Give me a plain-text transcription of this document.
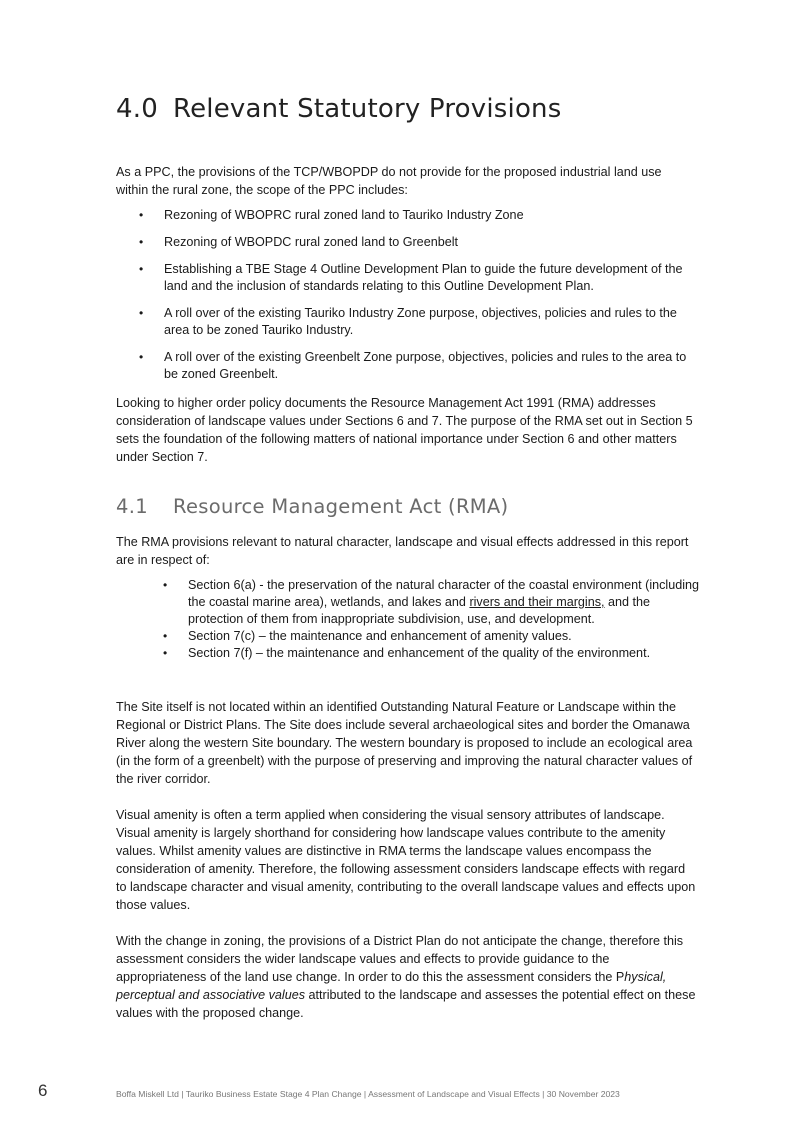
4.0 Relevant Statutory Provisions

As a PPC, the provisions of the TCP/WBOPDP do not provide for the proposed industrial land use within the rural zone, the scope of the PPC includes:

• Rezoning of WBOPRC rural zoned land to Tauriko Industry Zone
• Rezoning of WBOPDC rural zoned land to Greenbelt
• Establishing a TBE Stage 4 Outline Development Plan to guide the future development of the land and the inclusion of standards relating to this Outline Development Plan.
• A roll over of the existing Tauriko Industry Zone purpose, objectives, policies and rules to the area to be zoned Tauriko Industry.
• A roll over of the existing Greenbelt Zone purpose, objectives, policies and rules to the area to be zoned Greenbelt.

Looking to higher order policy documents the Resource Management Act 1991 (RMA) addresses consideration of landscape values under Sections 6 and 7. The purpose of the RMA set out in Section 5 sets the foundation of the following matters of national importance under Section 6 and other matters under Section 7.

4.1 Resource Management Act (RMA)

The RMA provisions relevant to natural character, landscape and visual effects addressed in this report are in respect of:

• Section 6(a) - the preservation of the natural character of the coastal environment (including the coastal marine area), wetlands, and lakes and rivers and their margins, and the protection of them from inappropriate subdivision, use, and development.
• Section 7(c) – the maintenance and enhancement of amenity values.
• Section 7(f) – the maintenance and enhancement of the quality of the environment.

The Site itself is not located within an identified Outstanding Natural Feature or Landscape within the Regional or District Plans. The Site does include several archaeological sites and border the Omanawa River along the western Site boundary. The western boundary is proposed to include an ecological area (in the form of a greenbelt) with the purpose of preserving and improving the natural character values of the river corridor.

Visual amenity is often a term applied when considering the visual sensory attributes of landscape. Visual amenity is largely shorthand for considering how landscape values contribute to the amenity values. Whilst amenity values are distinctive in RMA terms the landscape values encompass the consideration of amenity. Therefore, the following assessment considers landscape effects with regard to landscape character and visual amenity, contributing to the overall landscape values and effects upon those values.

With the change in zoning, the provisions of a District Plan do not anticipate the change, therefore this assessment considers the wider landscape values and effects to provide guidance to the appropriateness of the land use change. In order to do this the assessment considers the Physical, perceptual and associative values attributed to the landscape and assesses the potential effect on these values with the proposed change.

6	Boffa Miskell Ltd | Tauriko Business Estate Stage 4 Plan Change | Assessment of Landscape and Visual Effects | 30 November 2023
